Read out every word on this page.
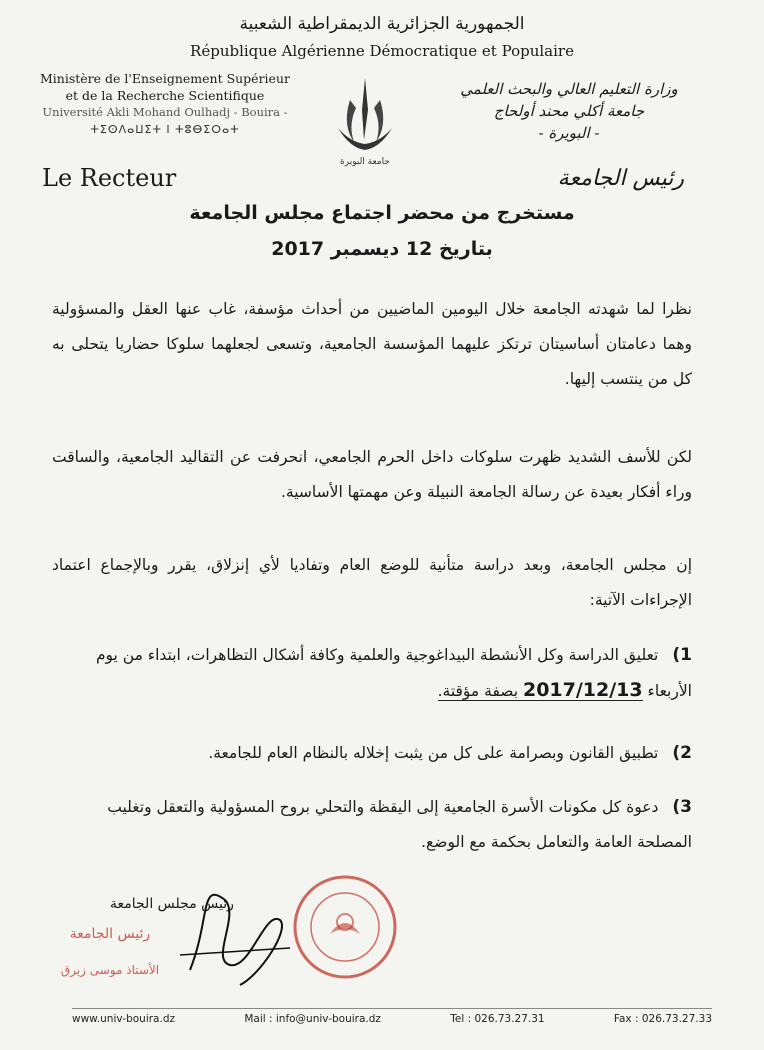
الجمهورية الجزائرية الديمقراطية الشعبية
République Algérienne Démocratique et Populaire
Ministère de l'Enseignement Supérieur
et de la Recherche Scientifique
Université Akli Mohand Oulhadj - Bouira -
ⵜⵉⵙⴷⴰⵡⵉⵜ ⵏ ⵜⵓⴱⵉⵔⴰⵜ
جامعة البويرة
وزارة التعليم العالي والبحث العلمي
جامعة أكلي محند أولحاج
- البويرة -
Le Recteur	رئيس الجامعة
مستخرج من محضر اجتماع مجلس الجامعة
بتاريخ 12 ديسمبر 2017
نظرا لما شهدته الجامعة خلال اليومين الماضيين من أحداث مؤسفة، غاب عنها العقل والمسؤولية وهما دعامتان أساسيتان ترتكز عليهما المؤسسة الجامعية، وتسعى لجعلهما سلوكا حضاريا يتحلى به كل من ينتسب إليها.
لكن للأسف الشديد ظهرت سلوكات داخل الحرم الجامعي، انحرفت عن التقاليد الجامعية، والساقت وراء أفكار بعيدة عن رسالة الجامعة النبيلة وعن مهمتها الأساسية.
إن مجلس الجامعة، وبعد دراسة متأنية للوضع العام وتفاديا لأي إنزلاق، يقرر وبالإجماع اعتماد الإجراءات الآتية:
1)تعليق الدراسة وكل الأنشطة البيداغوجية والعلمية وكافة أشكال التظاهرات، ابتداء من يوم الأربعاء 2017/12/13 بصفة مؤقتة.
2)تطبيق القانون وبصرامة على كل من يثبت إخلاله بالنظام العام للجامعة.
3)دعوة كل مكونات الأسرة الجامعية إلى اليقظة والتحلي بروح المسؤولية والتعقل وتغليب المصلحة العامة والتعامل بحكمة مع الوضع.
رئيس مجلس الجامعة
رئيس الجامعة
الأستاذ موسى زيرق
www.univ-bouira.dz	Mail : info@univ-bouira.dz	Tel : 026.73.27.31	Fax : 026.73.27.33
